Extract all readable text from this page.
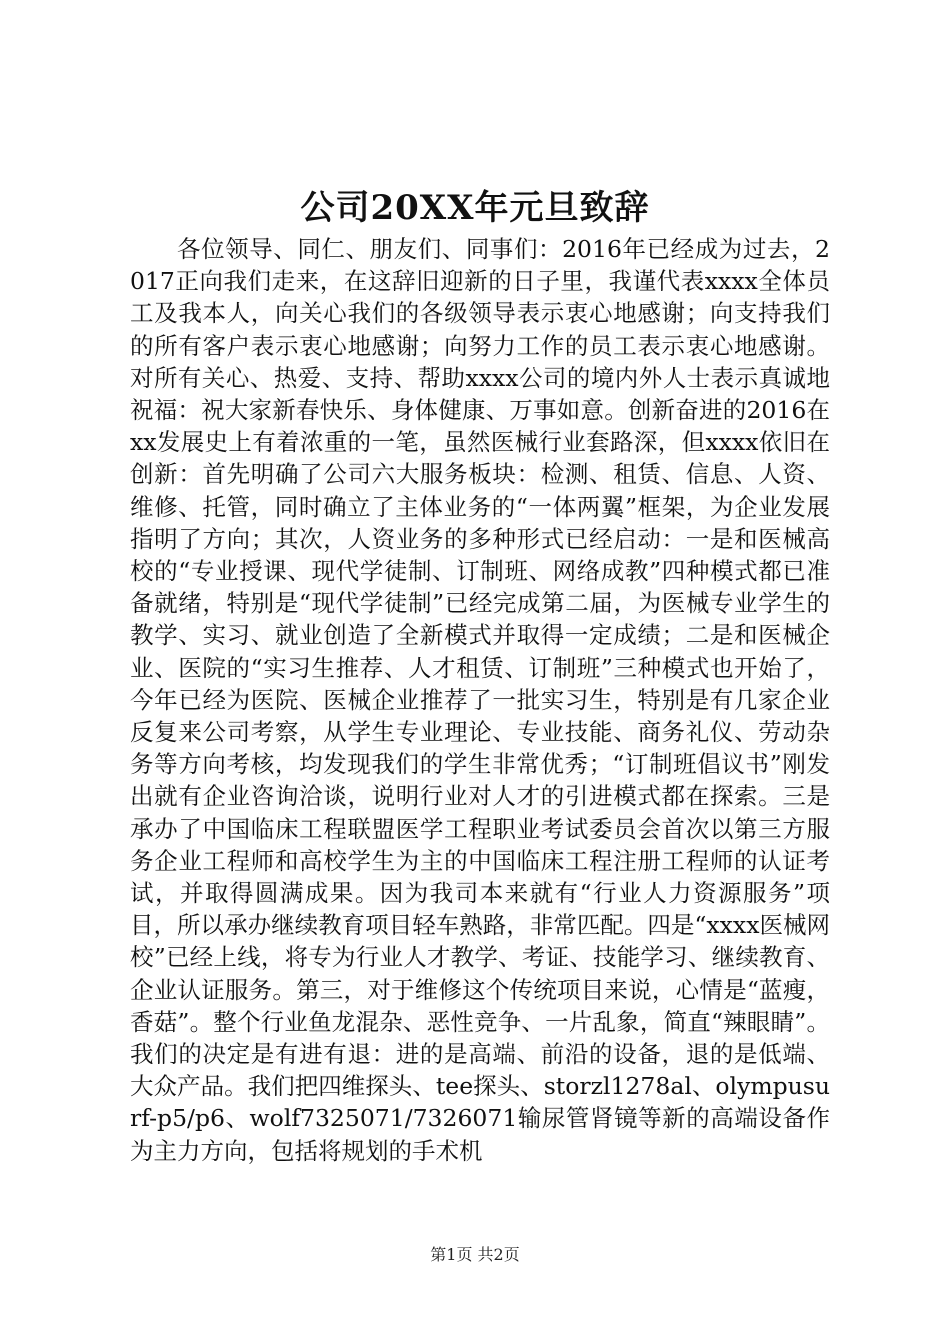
公司20XX年元旦致辞

各位领导、同仁、朋友们、同事们：2016年已经成为过去，2017正向我们走来，在这辞旧迎新的日子里，我谨代表xxxx全体员工及我本人，向关心我们的各级领导表示衷心地感谢；向支持我们的所有客户表示衷心地感谢；向努力工作的员工表示衷心地感谢。对所有关心、热爱、支持、帮助xxxx公司的境内外人士表示真诚地祝福：祝大家新春快乐、身体健康、万事如意。创新奋进的2016在xx发展史上有着浓重的一笔，虽然医械行业套路深，但xxxx依旧在创新：首先明确了公司六大服务板块：检测、租赁、信息、人资、维修、托管，同时确立了主体业务的“一体两翼”框架，为企业发展指明了方向；其次，人资业务的多种形式已经启动：一是和医械高校的“专业授课、现代学徒制、订制班、网络成教”四种模式都已准备就绪，特别是“现代学徒制”已经完成第二届，为医械专业学生的教学、实习、就业创造了全新模式并取得一定成绩；二是和医械企业、医院的“实习生推荐、人才租赁、订制班”三种模式也开始了，今年已经为医院、医械企业推荐了一批实习生，特别是有几家企业反复来公司考察，从学生专业理论、专业技能、商务礼仪、劳动杂务等方向考核，均发现我们的学生非常优秀；“订制班倡议书”刚发出就有企业咨询洽谈，说明行业对人才的引进模式都在探索。三是承办了中国临床工程联盟医学工程职业考试委员会首次以第三方服务企业工程师和高校学生为主的中国临床工程注册工程师的认证考试，并取得圆满成果。因为我司本来就有“行业人力资源服务”项目，所以承办继续教育项目轻车熟路，非常匹配。四是“xxxx医械网校”已经上线，将专为行业人才教学、考证、技能学习、继续教育、企业认证服务。第三，对于维修这个传统项目来说，心情是“蓝瘦，香菇”。整个行业鱼龙混杂、恶性竞争、一片乱象，简直“辣眼睛”。我们的决定是有进有退：进的是高端、前沿的设备，退的是低端、大众产品。我们把四维探头、tee探头、storzl1278al、olympusurf-p5/p6、wolf7325071/7326071输尿管肾镜等新的高端设备作为主力方向，包括将规划的手术机

第1页 共2页
